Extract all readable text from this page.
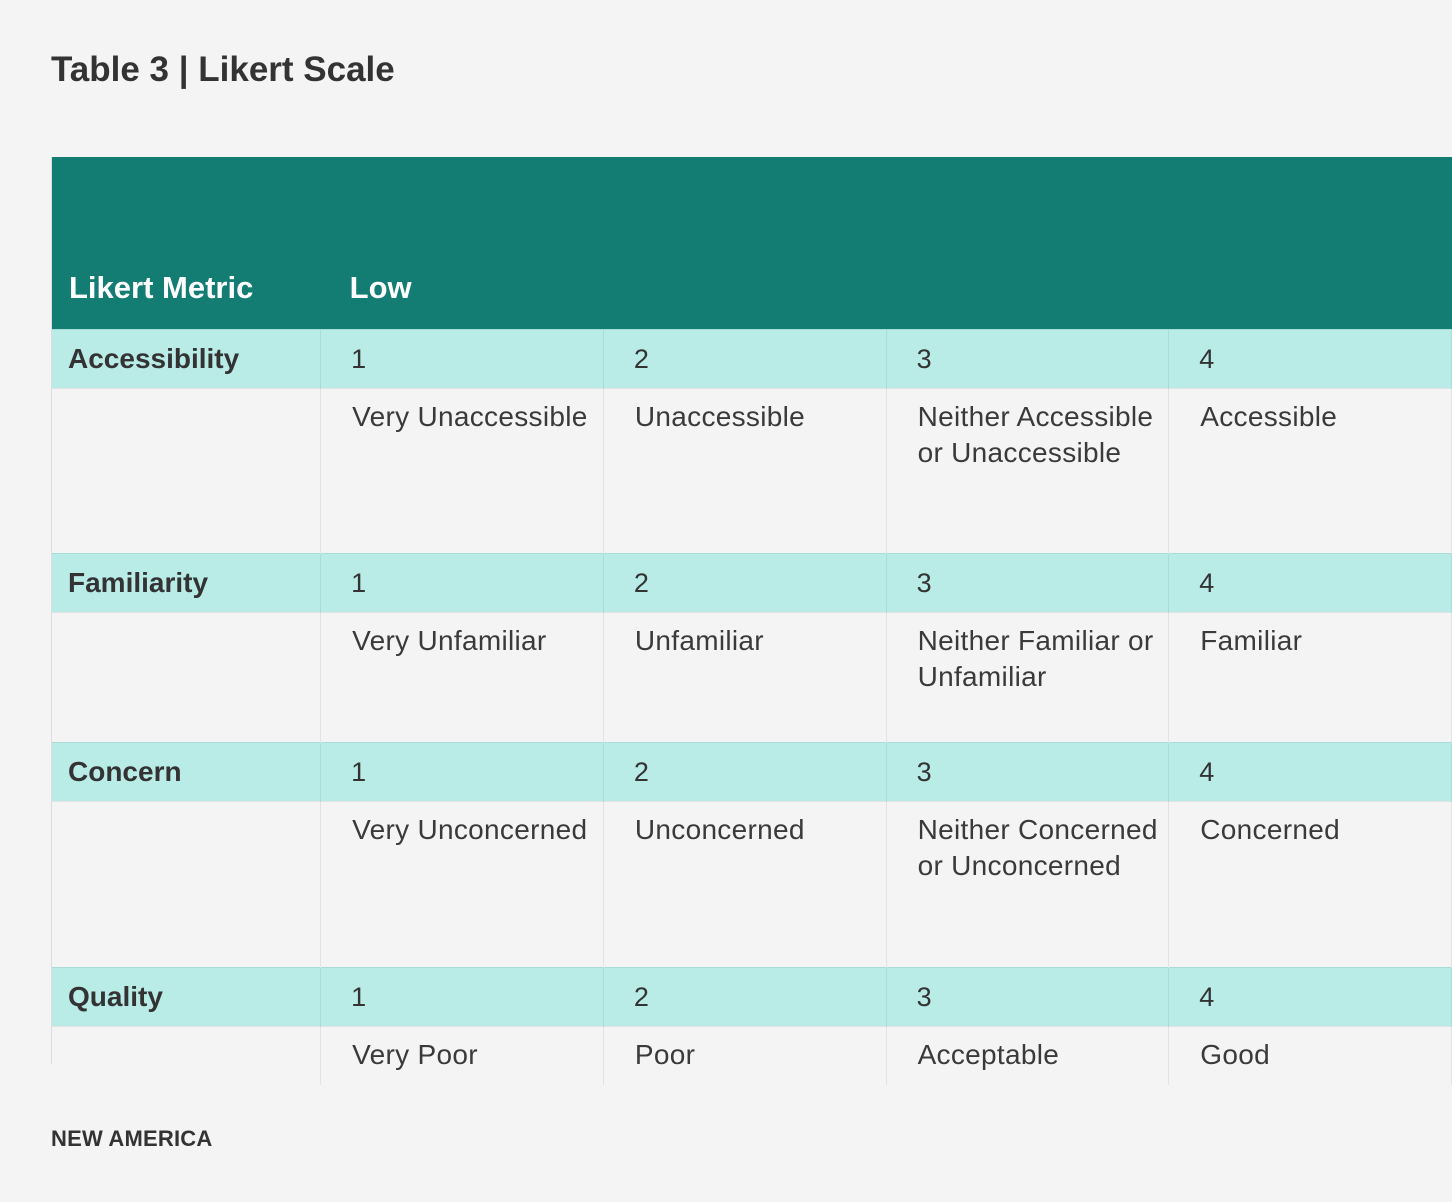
Table 3 | Likert Scale
Likert Metric	Low			
Accessibility	1	2	3	4
	Very Unaccessible	Unaccessible	Neither Accessible or Unaccessible	Accessible
Familiarity	1	2	3	4
	Very Unfamiliar	Unfamiliar	Neither Familiar or Unfamiliar	Familiar
Concern	1	2	3	4
	Very Unconcerned	Unconcerned	Neither Concerned or Unconcerned	Concerned
Quality	1	2	3	4
	Very Poor	Poor	Acceptable	Good
NEW AMERICA
